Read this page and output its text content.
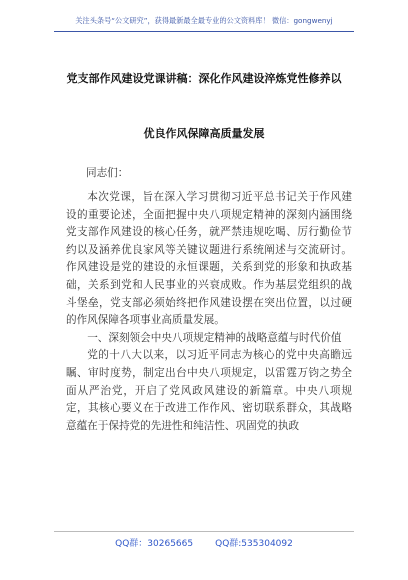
关注头条号“公文研究”，获得最新最全最专业的公文资料库！ 微信：gongwenyj
党支部作风建设党课讲稿：深化作风建设淬炼党性修养以
优良作风保障高质量发展
同志们：

本次党课，旨在深入学习贯彻习近平总书记关于作风建设的重要论述，全面把握中央八项规定精神的深刻内涵围绕党支部作风建设的核心任务，就严禁违规吃喝、厉行勤俭节约以及涵养优良家风等关键议题进行系统阐述与交流研讨。作风建设是党的建设的永恒课题，关系到党的形象和执政基础，关系到党和人民事业的兴衰成败。作为基层党组织的战斗堡垒，党支部必须始终把作风建设摆在突出位置，以过硬的作风保障各项事业高质量发展。

一、深刻领会中央八项规定精神的战略意蕴与时代价值

党的十八大以来，以习近平同志为核心的党中央高瞻远瞩、审时度势，制定出台中央八项规定，以雷霆万钧之势全面从严治党，开启了党风政风建设的新篇章。中央八项规定，其核心要义在于改进工作作风、密切联系群众，其战略意蕴在于保持党的先进性和纯洁性、巩固党的执政

QQ群：30265665 QQ群:535304092
